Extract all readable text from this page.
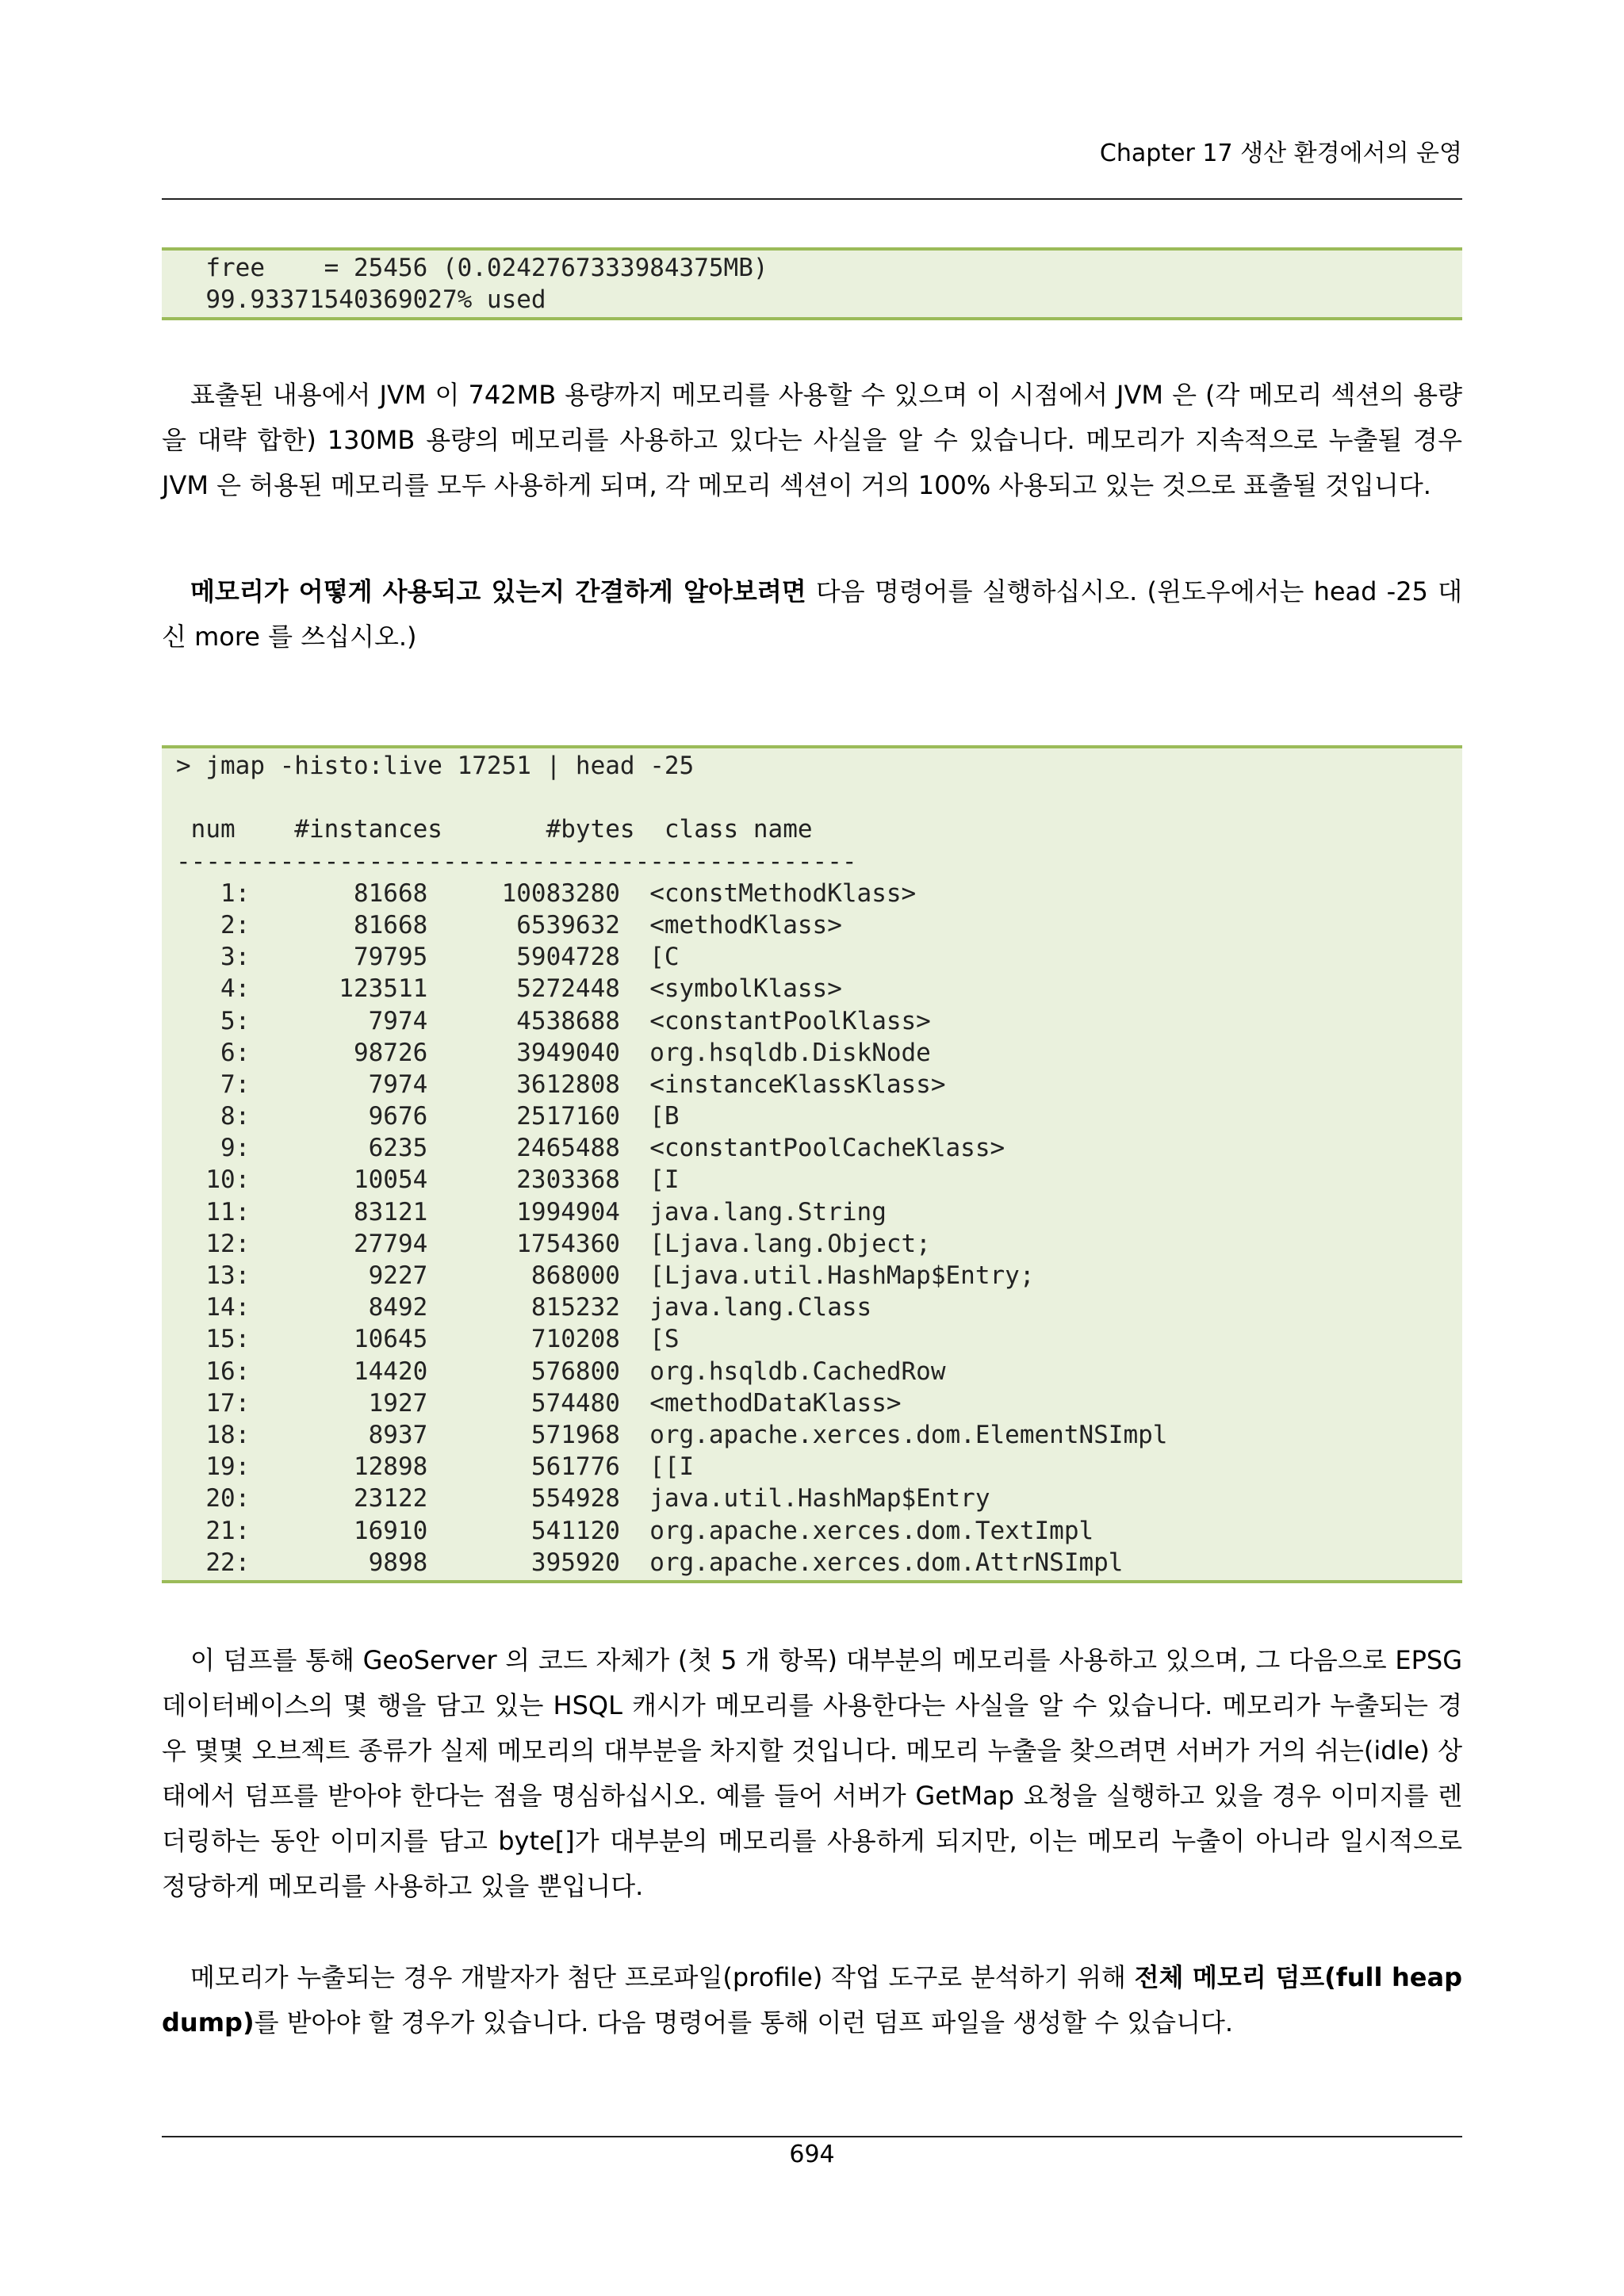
Chapter 17 생산 환경에서의 운영
free    = 25456 (0.0242767333984375MB)
99.93371540369027% used
표출된 내용에서 JVM 이 742MB 용량까지 메모리를 사용할 수 있으며 이 시점에서 JVM 은 (각 메모리 섹션의 용량을 대략 합한) 130MB 용량의 메모리를 사용하고 있다는 사실을 알 수 있습니다. 메모리가 지속적으로 누출될 경우 JVM 은 허용된 메모리를 모두 사용하게 되며, 각 메모리 섹션이 거의 100% 사용되고 있는 것으로 표출될 것입니다.
메모리가 어떻게 사용되고 있는지 간결하게 알아보려면 다음 명령어를 실행하십시오. (윈도우에서는 head -25 대신 more 를 쓰십시오.)
> jmap -histo:live 17251 | head -25
num    #instances       #bytes  class name
----------------------------------------------
1:       81668     10083280  <constMethodKlass>
2:       81668      6539632  <methodKlass>
3:       79795      5904728  [C
4:      123511      5272448  <symbolKlass>
5:        7974      4538688  <constantPoolKlass>
6:       98726      3949040  org.hsqldb.DiskNode
7:        7974      3612808  <instanceKlassKlass>
8:        9676      2517160  [B
9:        6235      2465488  <constantPoolCacheKlass>
10:       10054      2303368  [I
11:       83121      1994904  java.lang.String
12:       27794      1754360  [Ljava.lang.Object;
13:        9227       868000  [Ljava.util.HashMap$Entry;
14:        8492       815232  java.lang.Class
15:       10645       710208  [S
16:       14420       576800  org.hsqldb.CachedRow
17:        1927       574480  <methodDataKlass>
18:        8937       571968  org.apache.xerces.dom.ElementNSImpl
19:       12898       561776  [[I
20:       23122       554928  java.util.HashMap$Entry
21:       16910       541120  org.apache.xerces.dom.TextImpl
22:        9898       395920  org.apache.xerces.dom.AttrNSImpl
이 덤프를 통해 GeoServer 의 코드 자체가 (첫 5 개 항목) 대부분의 메모리를 사용하고 있으며, 그 다음으로 EPSG 데이터베이스의 몇 행을 담고 있는 HSQL 캐시가 메모리를 사용한다는 사실을 알 수 있습니다. 메모리가 누출되는 경우 몇몇 오브젝트 종류가 실제 메모리의 대부분을 차지할 것입니다. 메모리 누출을 찾으려면 서버가 거의 쉬는(idle) 상태에서 덤프를 받아야 한다는 점을 명심하십시오. 예를 들어 서버가 GetMap 요청을 실행하고 있을 경우 이미지를 렌더링하는 동안 이미지를 담고 byte[]가 대부분의 메모리를 사용하게 되지만, 이는 메모리 누출이 아니라 일시적으로 정당하게 메모리를 사용하고 있을 뿐입니다.
메모리가 누출되는 경우 개발자가 첨단 프로파일(profile) 작업 도구로 분석하기 위해 전체 메모리 덤프(full heap dump)를 받아야 할 경우가 있습니다. 다음 명령어를 통해 이런 덤프 파일을 생성할 수 있습니다.
694
